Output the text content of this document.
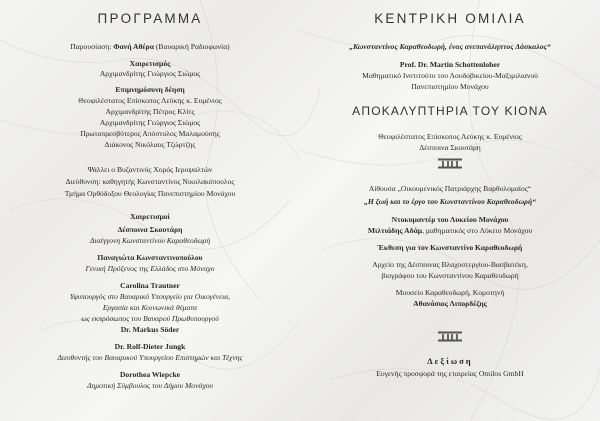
ΠΡΟΓΡΑΜΜΑ
Παρουσίαση: Φανή Αθέρα (Βαυαρική Ραδιοφωνία)
Χαιρετισμός
Αρχιμανδρίτης Γεώργιος Σιώμος
Επιμνημόσυνη δέηση
Θεοφιλέστατος Επίσκοπος Λεύκης κ. Ευμένιος
Αρχιμανδρίτης Πέτρος Κλίτς
Αρχιμανδρίτης Γεώργιος Σιώμος
Πρωτοπρεσβύτερος Απόστολος Μαλαμούσης
Διάκονος Νικόλαος Τζώρτζης
Ψάλλει ο Βυζαντινός Χορός Ιεροψαλτών
Διεύθυνση: καθηγητής Κωνσταντίνος Νικολακόπουλος
Τμήμα Ορθόδοξου Θεολογίας Πανεπιστημίου Μονάχου
Χαιρετισμοί
Δέσποινα Σκουτάρη
Δισέγγονη Κωνσταντίνου Καραθεοδωρή
Παναγιώτα Κωνσταντινοπούλου
Γενική Πρόξενος της Ελλάδος στο Μόναχο
Carolina Trautner
Υφυπουργός στο Βαυαρικό Υπουργείο για Οικογένεια,
Εργασία και Κοινωνικά θέματα
ως εκπρόσωπος του Βαυαρού Πρωθυπουργού
Dr. Markus Söder
Dr. Rolf-Dieter Jungk
Διευθυντής του Βαυαρικού Υπουργείου Επιστημών και Τέχνης
Dorothea Wiepcke
Δημοτική Σύμβουλος του Δήμου Μονάχου
ΚΕΝΤΡΙΚΗ ΟΜΙΛΙΑ
„Κωνσταντίνος Καραθεοδωρή, ένας ανεπανάληπτος Δάσκαλος“
Prof. Dr. Martin Schottenloher
Μαθηματικό Ινστιτούτο του Λουδοβικείου-Μαξιμιλιανού
Πανεπιστημίου Μονάχου
ΑΠΟΚΑΛΥΠΤΗΡΙΑ ΤΟΥ ΚΙΟΝΑ
Θεοφιλέστατος Επίσκοπος Λεύκης κ. Ευμένιος
Δέσποινα Σκουτάρη
Αίθουσα „Οικουμενικός Πατριάρχης Βαρθολομαίος“
„Η ζωή και το έργο του Κωνσταντίνου Καραθεοδωρή“
Ντοκυμαντέρ του Λυκείου Μονάχου
Μιλτιάδης Αδάμ, μαθηματικός στο Λύκειο Μονάχου
Έκθεση για τον Κωνσταντίνο Καραθεοδωρή
Αρχείο της Δέσποινας Βλαχοστεργίου-Βασβατέκη,
βιογράφου του Κωνσταντίνου Καραθεοδωρή
Μουσείο Καραθεοδωρή, Κομοτηνή
Αθανάσιος Λιπορδέζης
Δεξίωση
Ευγενής προσφορά της εταιρείας Omilos GmbH
